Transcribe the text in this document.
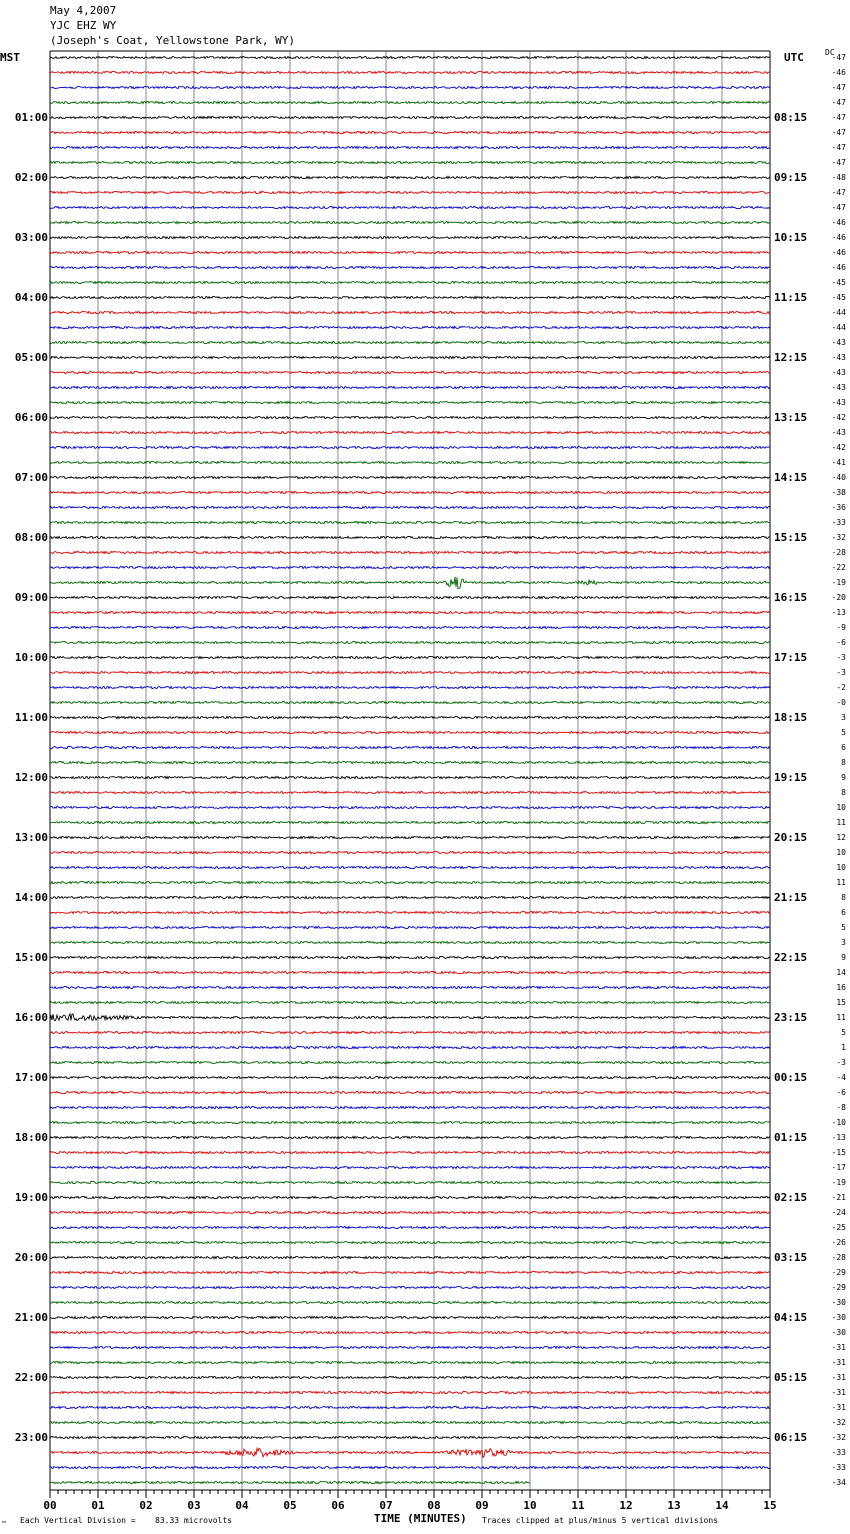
May 4,2007
YJC EHZ WY
(Joseph's Coat, Yellowstone Park, WY)
MST	UTC	DC
00	01	02	03	04	05	06	07	08	09	10	11	12	13	14	15
01:00
02:00
03:00
04:00
05:00
06:00
07:00
08:00
09:00
10:00
11:00
12:00
13:00
14:00
15:00
16:00
17:00
18:00
19:00
20:00
21:00
22:00
23:00
08:15
09:15
10:15
11:15
12:15
13:15
14:15
15:15
16:15
17:15
18:15
19:15
20:15
21:15
22:15
23:15
00:15
01:15
02:15
03:15
04:15
05:15
06:15
-47
-46
-47
-47
-47
-47
-47
-47
-48
-47
-47
-46
-46
-46
-46
-45
-45
-44
-44
-43
-43
-43
-43
-43
-42
-43
-42
-41
-40
-38
-36
-33
-32
-28
-22
-19
-20
-13
-9
-6
-3
-3
-2
-0
3
5
6
8
9
8
10
11
12
10
10
11
8
6
5
3
9
14
16
15
11
5
1
-3
-4
-6
-8
-10
-13
-15
-17
-19
-21
-24
-25
-26
-28
-29
-29
-30
-30
-30
-31
-31
-31
-31
-31
-32
-32
-33
-33
-34
⑅ Each Vertical Division = 83.33 microvolts	TIME (MINUTES) Traces clipped at plus/minus 5 vertical divisions
